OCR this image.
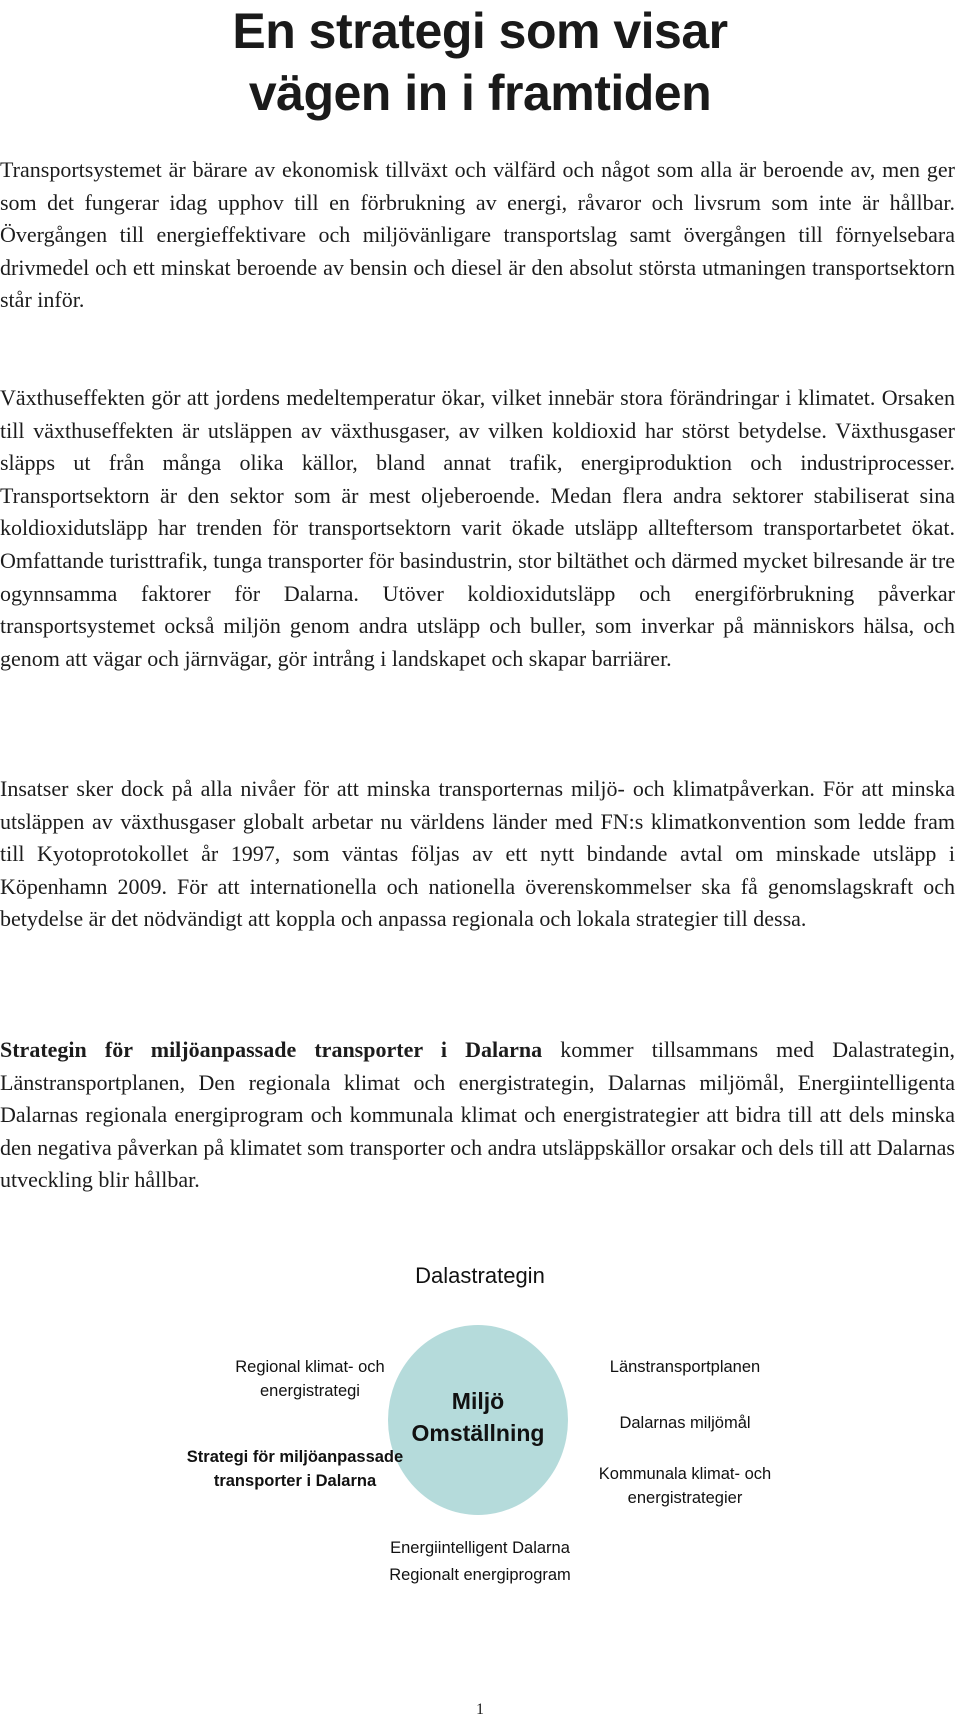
En strategi som visar
vägen in i framtiden

Transportsystemet är bärare av ekonomisk tillväxt och välfärd och något som alla är beroende av, men ger som det fungerar idag upphov till en förbrukning av energi, råvaror och livsrum som inte är hållbar. Övergången till energieffektivare och miljövänligare transportslag samt övergången till förnyelsebara drivmedel och ett minskat beroende av bensin och diesel är den absolut största utmaningen transportsektorn står inför.

Växthuseffekten gör att jordens medeltemperatur ökar, vilket innebär stora förändringar i klimatet. Orsaken till växthuseffekten är utsläppen av växthusgaser, av vilken koldioxid har störst betydelse. Växthusgaser släpps ut från många olika källor, bland annat trafik, energiproduktion och industriprocesser. Transportsektorn är den sektor som är mest oljeberoende. Medan flera andra sektorer stabiliserat sina koldioxidutsläpp har trenden för transportsektorn varit ökade utsläpp allteftersom transportarbetet ökat. Omfattande turisttrafik, tunga transporter för basindustrin, stor biltäthet och därmed mycket bilresande är tre ogynnsamma faktorer för Dalarna. Utöver koldioxidutsläpp och energiförbrukning påverkar transportsystemet också miljön genom andra utsläpp och buller, som inverkar på människors hälsa, och genom att vägar och järnvägar, gör intrång i landskapet och skapar barriärer.

Insatser sker dock på alla nivåer för att minska transporternas miljö- och klimatpåverkan. För att minska utsläppen av växthusgaser globalt arbetar nu världens länder med FN:s klimatkonvention som ledde fram till Kyotoprotokollet år 1997, som väntas följas av ett nytt bindande avtal om minskade utsläpp i Köpenhamn 2009. För att internationella och nationella överenskommelser ska få genomslagskraft och betydelse är det nödvändigt att koppla och anpassa regionala och lokala strategier till dessa.

Strategin för miljöanpassade transporter i Dalarna kommer tillsammans med Dalastrategin, Länstransportplanen, Den regionala klimat och energistrategin, Dalarnas miljömål, Energiintelligenta Dalarnas regionala energiprogram och kommunala klimat och energistrategier att bidra till att dels minska den negativa påverkan på klimatet som transporter och andra utsläppskällor orsakar och dels till att Dalarnas utveckling blir hållbar.

Dalastrategin
Miljö
Omställning
Regional klimat- och
energistrategi
Strategi för miljöanpassade
transporter i Dalarna
Länstransportplanen
Dalarnas miljömål
Kommunala klimat- och
energistrategier
Energiintelligent Dalarna
Regionalt energiprogram
1
